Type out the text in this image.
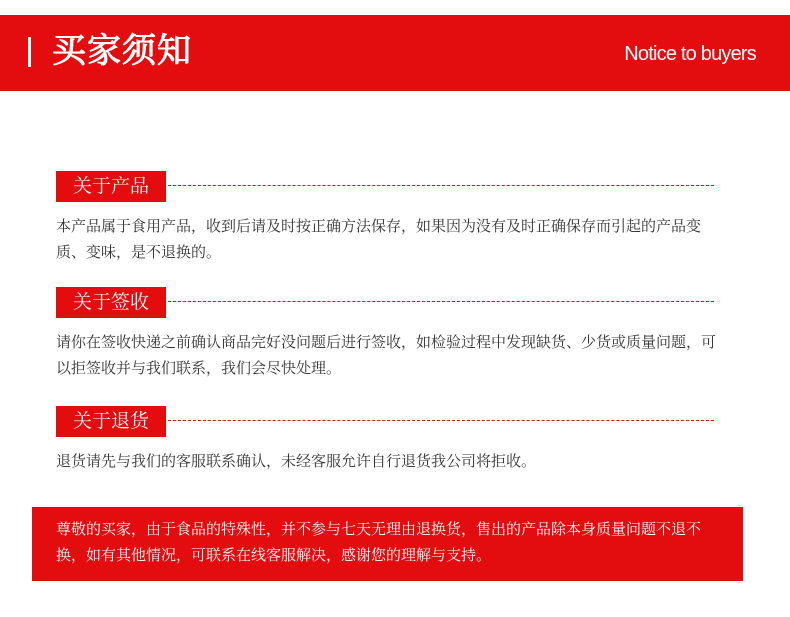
买家须知	Notice to buyers
关于产品
本产品属于食用产品，收到后请及时按正确方法保存，如果因为没有及时正确保存而引起的产品变质、变味，是不退换的。
关于签收
请你在签收快递之前确认商品完好没问题后进行签收，如检验过程中发现缺货、少货或质量问题，可以拒签收并与我们联系，我们会尽快处理。
关于退货
退货请先与我们的客服联系确认，未经客服允许自行退货我公司将拒收。
尊敬的买家，由于食品的特殊性，并不参与七天无理由退换货，售出的产品除本身质量问题不退不换，如有其他情况，可联系在线客服解决，感谢您的理解与支持。
